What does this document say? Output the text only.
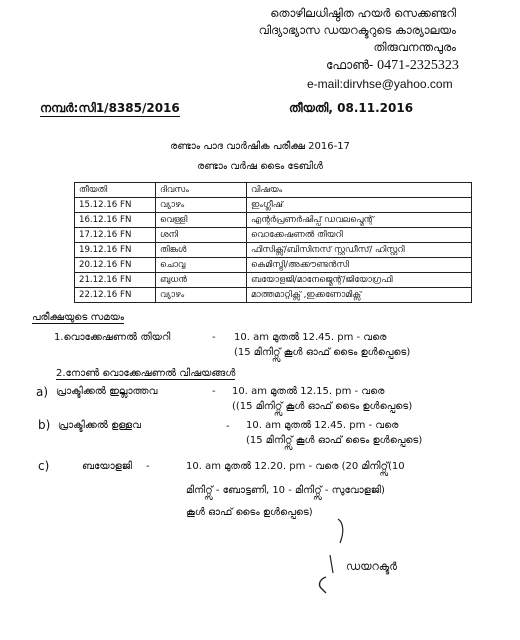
തൊഴിലധിഷ്ഠിത ഹയർ സെക്കണ്ടറി
വിദ്യാഭ്യാസ ഡയറക്ടറുടെ കാര്യാലയം
തിരുവനന്തപുരം
ഫോൺ- 0471-2325323
e-mail:dirvhse@yahoo.com
നമ്പർ:സി1/8385/2016	തീയതി, 08.11.2016
രണ്ടാം പാദ വാർഷിക പരീക്ഷ 2016-17
രണ്ടാം വർഷ ടൈം ടേബിൾ
തീയതി	ദിവസം	വിഷയം
15.12.16 FN	വ്യാഴം	ഇംഗ്ലീഷ്
16.12.16 FN	വെള്ളി	എന്റർപ്രണർഷിപ്പ് ഡവലപ്മെന്റ്
17.12.16 FN	ശനി	വൊക്കേഷണൽ തിയറി
19.12.16 FN	തിങ്കൾ	ഫിസിക്സ്/ബിസിനസ് സ്റ്റഡീസ്/ ഹിസ്റ്ററി
20.12.16 FN	ചൊവ്വ	കെമിസ്ട്രി/അക്കൗണ്ടൻസി
21.12.16 FN	ബുധൻ	ബയോളജി/മാനേജ്മെന്റ്/ജിയോഗ്രഫി
22.12.16 FN	വ്യാഴം	മാത്തമാറ്റിക്സ് ,ഇക്കണോമിക്സ്
പരീക്ഷയുടെ സമയം
1.വൊക്കേഷണൽ തിയറി	- 10. am മുതൽ 12.45. pm - വരെ
(15 മിനിറ്റ്സ് കൂൾ ഓഫ് ടൈം ഉൾപ്പെടെ)
2.നോൺ വൊക്കേഷണൽ വിഷയങ്ങൾ
a) പ്രാക്ടിക്കൽ ഇല്ലാത്തവ	- 10. am മുതൽ 12.15. pm - വരെ
((15 മിനിറ്റ്സ് കൂൾ ഓഫ് ടൈം ഉൾപ്പെടെ)
b) പ്രാക്ടിക്കൽ ഉള്ളവ	- 10. am മുതൽ 12.45. pm - വരെ
(15 മിനിറ്റ്സ് കൂൾ ഓഫ് ടൈം ഉൾപ്പെടെ)
c)	ബയോളജി -	10. am മുതൽ 12.20. pm - വരെ (20 മിനിറ്റ്സ്(10
മിനിറ്റ്സ് - ബോട്ടണി, 10 - മിനിറ്റ്സ് - സുവോളജി)
കൂൾ ഓഫ് ടൈം ഉൾപ്പെടെ)
ഡയറക്ടർ
